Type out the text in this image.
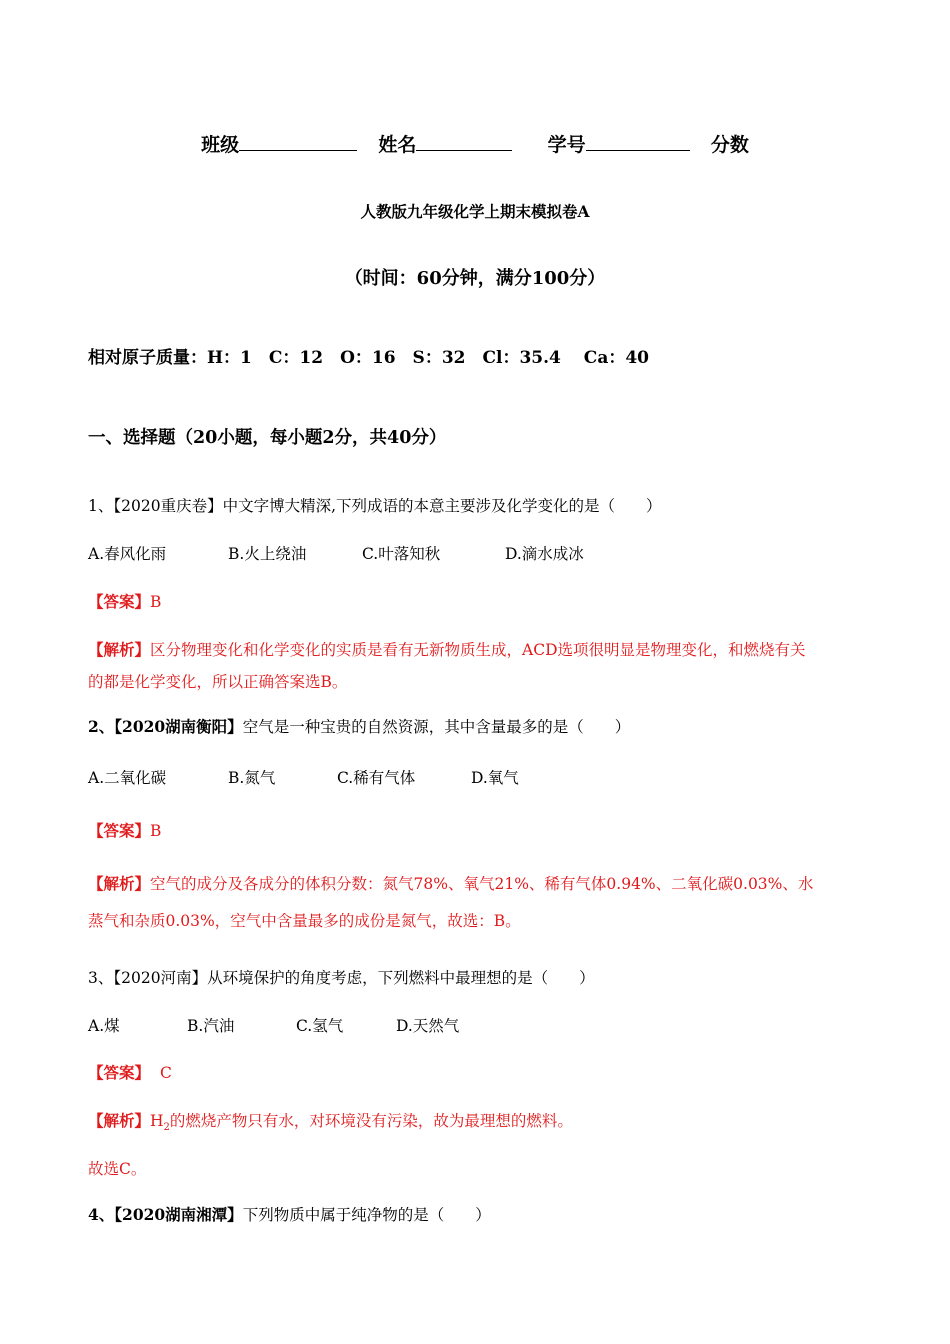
班级	姓名	学号	分数
人教版九年级化学上期末模拟卷A
（时间：60分钟，满分100分）
相对原子质量：H：1　C：12　O：16　S：32　Cl：35.4　 Ca：40
一、选择题（20小题，每小题2分，共40分）
1、【2020重庆卷】中文字博大精深,下列成语的本意主要涉及化学变化的是（　　）
A.春风化雨	B.火上绕油	C.叶落知秋	D.滴水成冰
【答案】B
【解析】区分物理变化和化学变化的实质是看有无新物质生成，ACD选项很明显是物理变化，和燃烧有关
的都是化学变化，所以正确答案选B。
2、【2020湖南衡阳】空气是一种宝贵的自然资源，其中含量最多的是（　　）
A.二氧化碳	B.氮气	C.稀有气体	D.氧气
【答案】B
【解析】空气的成分及各成分的体积分数：氮气78%、氧气21%、稀有气体0.94%、二氧化碳0.03%、水
蒸气和杂质0.03%，空气中含量最多的成份是氮气，故选：B。
3、【2020河南】从环境保护的角度考虑，下列燃料中最理想的是（　　）
A.煤	B.汽油	C.氢气	D.天然气
【答案】 C
【解析】$H_2$的燃烧产物只有水，对环境没有污染，故为最理想的燃料。
故选C。
4、【2020湖南湘潭】下列物质中属于纯净物的是（　　）
